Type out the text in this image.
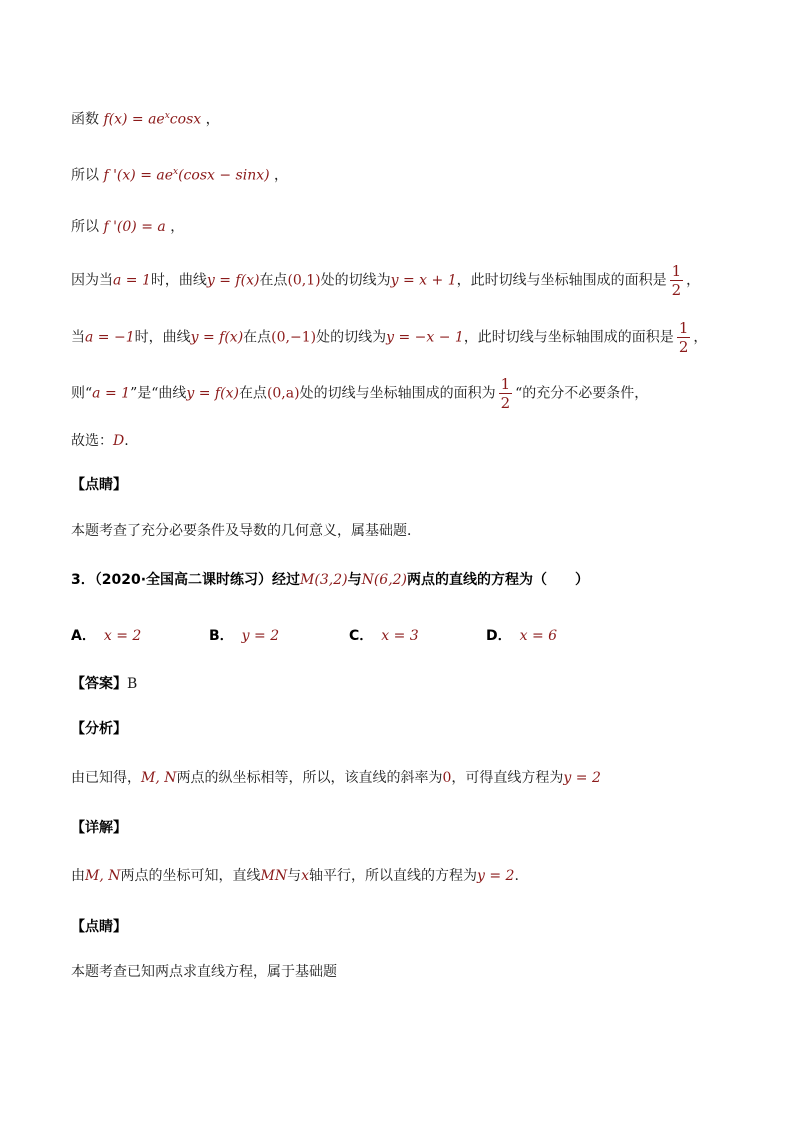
函数 $f(x) = ae^x\cos x$ ，
所以 f '$(x) = ae^x(\cos x - \sin x)$ ，
所以 f '(0) = a ，
因为当a = 1时，曲线y = f(x)在点(0,1)处的切线为y = x + 1，此时切线与坐标轴围成的面积是 $\frac{1}{2}$ ，
当a = −1时，曲线y = f(x)在点(0,−1)处的切线为y = −x − 1，此时切线与坐标轴围成的面积是 $\frac{1}{2}$ ，
则“a = 1”是“曲线y = f(x)在点(0,a)处的切线与坐标轴围成的面积为 $\frac{1}{2}$ “的充分不必要条件，
故选：D.
【点睛】
本题考查了充分必要条件及导数的几何意义，属基础题．
3．（2020·全国高二课时练习）经过M(3,2)与N(6,2)两点的直线的方程为（　　）
A． x = 2	B． y = 2	C． x = 3	D． x = 6
【答案】B
【分析】
由已知得，M, N两点的纵坐标相等，所以，该直线的斜率为0，可得直线方程为y = 2
【详解】
由M, N两点的坐标可知，直线MN与x轴平行，所以直线的方程为y = 2.
【点睛】
本题考查已知两点求直线方程，属于基础题
